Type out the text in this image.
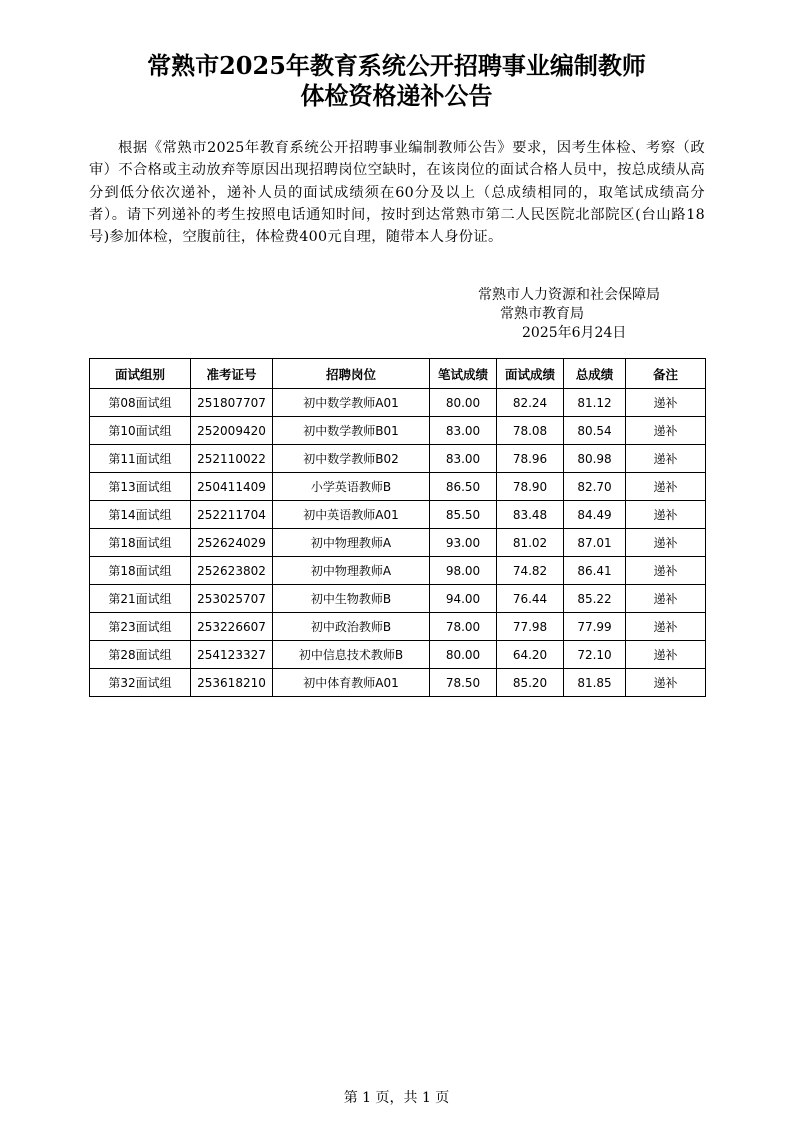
常熟市2025年教育系统公开招聘事业编制教师
体检资格递补公告

根据《常熟市2025年教育系统公开招聘事业编制教师公告》要求，因考生体检、考察（政审）不合格或主动放弃等原因出现招聘岗位空缺时，在该岗位的面试合格人员中，按总成绩从高分到低分依次递补，递补人员的面试成绩须在60分及以上（总成绩相同的，取笔试成绩高分者）。请下列递补的考生按照电话通知时间，按时到达常熟市第二人民医院北部院区(台山路18号)参加体检，空腹前往，体检费400元自理，随带本人身份证。

常熟市人力资源和社会保障局
常熟市教育局
2025年6月24日
面试组别	准考证号	招聘岗位	笔试成绩	面试成绩	总成绩	备注
第08面试组	251807707	初中数学教师A01	80.00	82.24	81.12	递补
第10面试组	252009420	初中数学教师B01	83.00	78.08	80.54	递补
第11面试组	252110022	初中数学教师B02	83.00	78.96	80.98	递补
第13面试组	250411409	小学英语教师B	86.50	78.90	82.70	递补
第14面试组	252211704	初中英语教师A01	85.50	83.48	84.49	递补
第18面试组	252624029	初中物理教师A	93.00	81.02	87.01	递补
第18面试组	252623802	初中物理教师A	98.00	74.82	86.41	递补
第21面试组	253025707	初中生物教师B	94.00	76.44	85.22	递补
第23面试组	253226607	初中政治教师B	78.00	77.98	77.99	递补
第28面试组	254123327	初中信息技术教师B	80.00	64.20	72.10	递补
第32面试组	253618210	初中体育教师A01	78.50	85.20	81.85	递补
第 1 页，共 1 页
